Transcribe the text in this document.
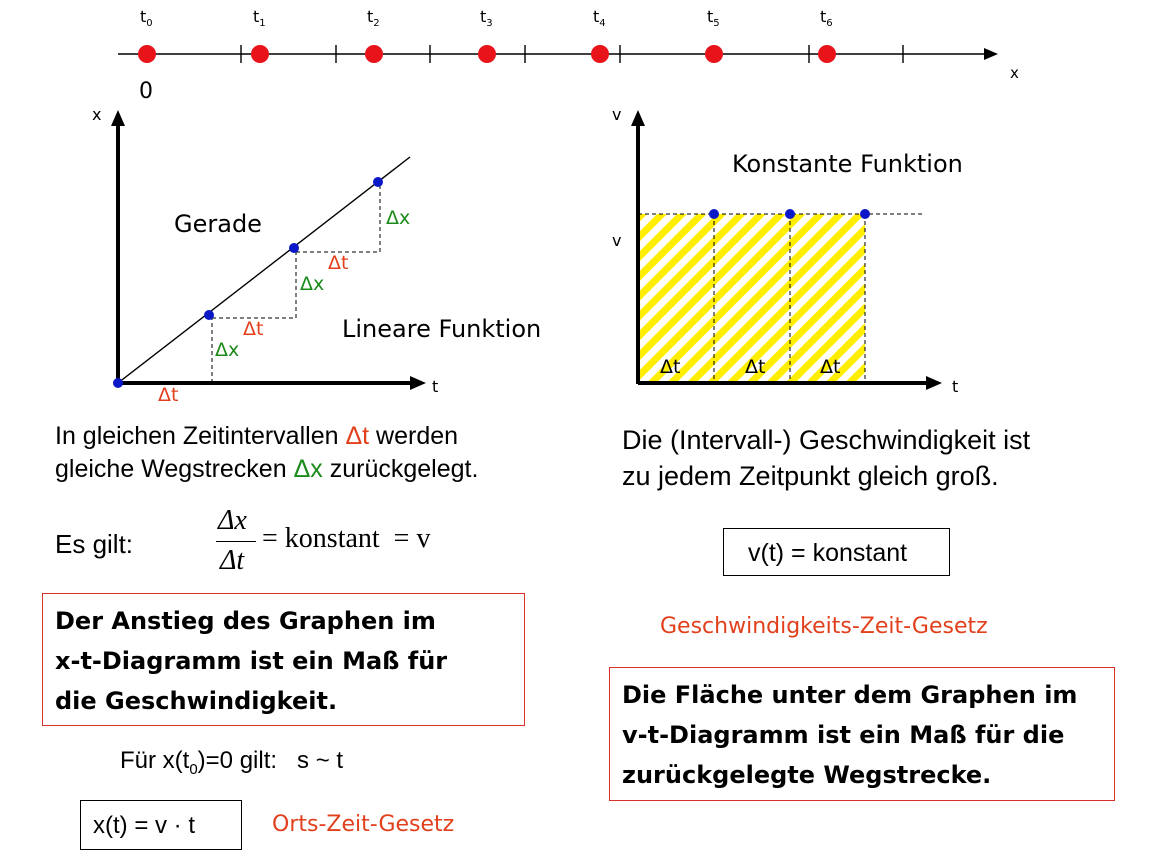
$t_0$	$t_1$	$t_2$	$t_3$	$t_4$	$t_5$	$t_6$
x
0
x
t
Δt
Δt
Δt
Δx
Δx
Δx
Gerade
Lineare Funktion
v
v
t
Δt	Δt	Δt
Konstante Funktion
In gleichen Zeitintervallen Δt werden
gleiche Wegstrecken Δx zurückgelegt.
Es gilt:
Δx
Δt
= konstant  = v
Der Anstieg des Graphen im
x-t-Diagramm ist ein Maß für
die Geschwindigkeit.
Für $x(t_0)=0$ gilt:   s ~ t
x(t) = v · t	Orts-Zeit-Gesetz
Die (Intervall-) Geschwindigkeit ist
zu jedem Zeitpunkt gleich groß.
v(t) = konstant
Geschwindigkeits-Zeit-Gesetz
Die Fläche unter dem Graphen im
v-t-Diagramm ist ein Maß für die
zurückgelegte Wegstrecke.
